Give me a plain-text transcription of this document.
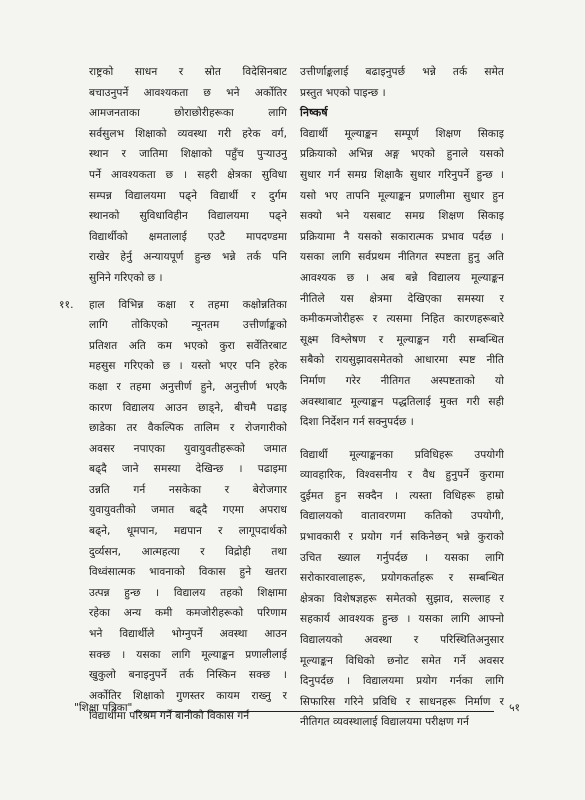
राष्ट्रको साधन र स्रोत विदेसिनबाट
बचाउनुपर्ने आवश्यकता छ भने अर्कोतिर
आमजनताका छोराछोरीहरूका लागि
सर्वसुलभ शिक्षाको व्यवस्था गरी हरेक वर्ग,
स्थान र जातिमा शिक्षाको पहुँच पुऱ्याउनु
पर्ने आवश्यकता छ । सहरी क्षेत्रका सुविधा
सम्पन्न विद्यालयमा पढ्ने विद्यार्थी र दुर्गम
स्थानको सुविधाविहीन विद्यालयमा पढ्ने
विद्यार्थीको क्षमतालाई एउटै मापदण्डमा
राखेर हेर्नु अन्यायपूर्ण हुन्छ भन्ने तर्क पनि
सुनिने गरिएको छ ।
११. हाल विभिन्न कक्षा र तहमा कक्षोन्नतिका
लागि तोकिएको न्यूनतम उत्तीर्णाङ्कको
प्रतिशत अति कम भएको कुरा सर्वेतिरबाट
महसुस गरिएको छ । यस्तो भएर पनि हरेक
कक्षा र तहमा अनुत्तीर्ण हुने, अनुत्तीर्ण भएकै
कारण विद्यालय आउन छाड्ने, बीचमै पढाइ
छाडेका तर वैकल्पिक तालिम र रोजगारीको
अवसर नपाएका युवायुवतीहरूको जमात
बढ्दै जाने समस्या देखिन्छ । पढाइमा
उन्नति गर्न नसकेका र बेरोजगार
युवायुवतीको जमात बढ्दै गएमा अपराध
बढ्ने, धूमपान, मद्यपान र लागूपदार्थको
दुर्व्यसन, आत्महत्या र विद्रोही तथा
विध्वंसात्मक भावनाको विकास हुने खतरा
उत्पन्न हुन्छ । विद्यालय तहको शिक्षामा
रहेका अन्य कमी कमजोरीहरूको परिणाम
भने विद्यार्थीले भोग्नुपर्ने अवस्था आउन
सक्छ । यसका लागि मूल्याङ्कन प्रणालीलाई
खुकुलो बनाइनुपर्ने तर्क निस्किन सक्छ ।
अर्कोतिर शिक्षाको गुणस्तर कायम राख्नु र
विद्यार्थीमा परिश्रम गर्ने बानीको विकास गर्न
उत्तीर्णाङ्कलाई बढाइनुपर्छ भन्ने तर्क समेत
प्रस्तुत भएको पाइन्छ ।
निष्कर्ष
विद्यार्थी मूल्याङ्कन सम्पूर्ण शिक्षण सिकाइ
प्रक्रियाको अभिन्न अङ्ग भएको हुनाले यसको
सुधार गर्न समग्र शिक्षाकै सुधार गरिनुपर्ने हुन्छ ।
यसो भए तापनि मूल्याङ्कन प्रणालीमा सुधार हुन
सक्यो भने यसबाट समग्र शिक्षण सिकाइ
प्रक्रियामा नै यसको सकारात्मक प्रभाव पर्दछ ।
यसका लागि सर्वप्रथम नीतिगत स्पष्टता हुनु अति
आवश्यक छ । अब बन्ने विद्यालय मूल्याङ्कन
नीतिले यस क्षेत्रमा देखिएका समस्या र
कमीकमजोरीहरू र त्यसमा निहित कारणहरूबारे
सूक्ष्म विश्लेषण र मूल्याङ्कन गरी सम्बन्धित
सबैको रायसुझावसमेतको आधारमा स्पष्ट नीति
निर्माण गरेर नीतिगत अस्पष्टताको यो
अवस्थाबाट मूल्याङ्कन पद्धतिलाई मुक्त गरी सही
दिशा निर्देशन गर्न सक्नुपर्दछ ।
विद्यार्थी मूल्याङ्कनका प्रविधिहरू उपयोगी
व्यावहारिक, विश्वसनीय र वैध हुनुपर्ने कुरामा
दुईमत हुन सक्दैन । त्यस्ता विधिहरू हाम्रो
विद्यालयको वातावरणमा कतिको उपयोगी,
प्रभावकारी र प्रयोग गर्न सकिनेछन् भन्ने कुराको
उचित ख्याल गर्नुपर्दछ । यसका लागि
सरोकारवालाहरू, प्रयोगकर्ताहरू र सम्बन्धित
क्षेत्रका विशेषज्ञहरू समेतको सुझाव, सल्लाह र
सहकार्य आवश्यक हुन्छ । यसका लागि आफ्नो
विद्यालयको अवस्था र परिस्थितिअनुसार
मूल्याङ्कन विधिको छनोट समेत गर्ने अवसर
दिनुपर्दछ । विद्यालयमा प्रयोग गर्नका लागि
सिफारिस गरिने प्रविधि र साधनहरू निर्माण र
नीतिगत व्यवस्थालाई विद्यालयमा परीक्षण गर्न
"शिक्षा पत्रिका"	५१
